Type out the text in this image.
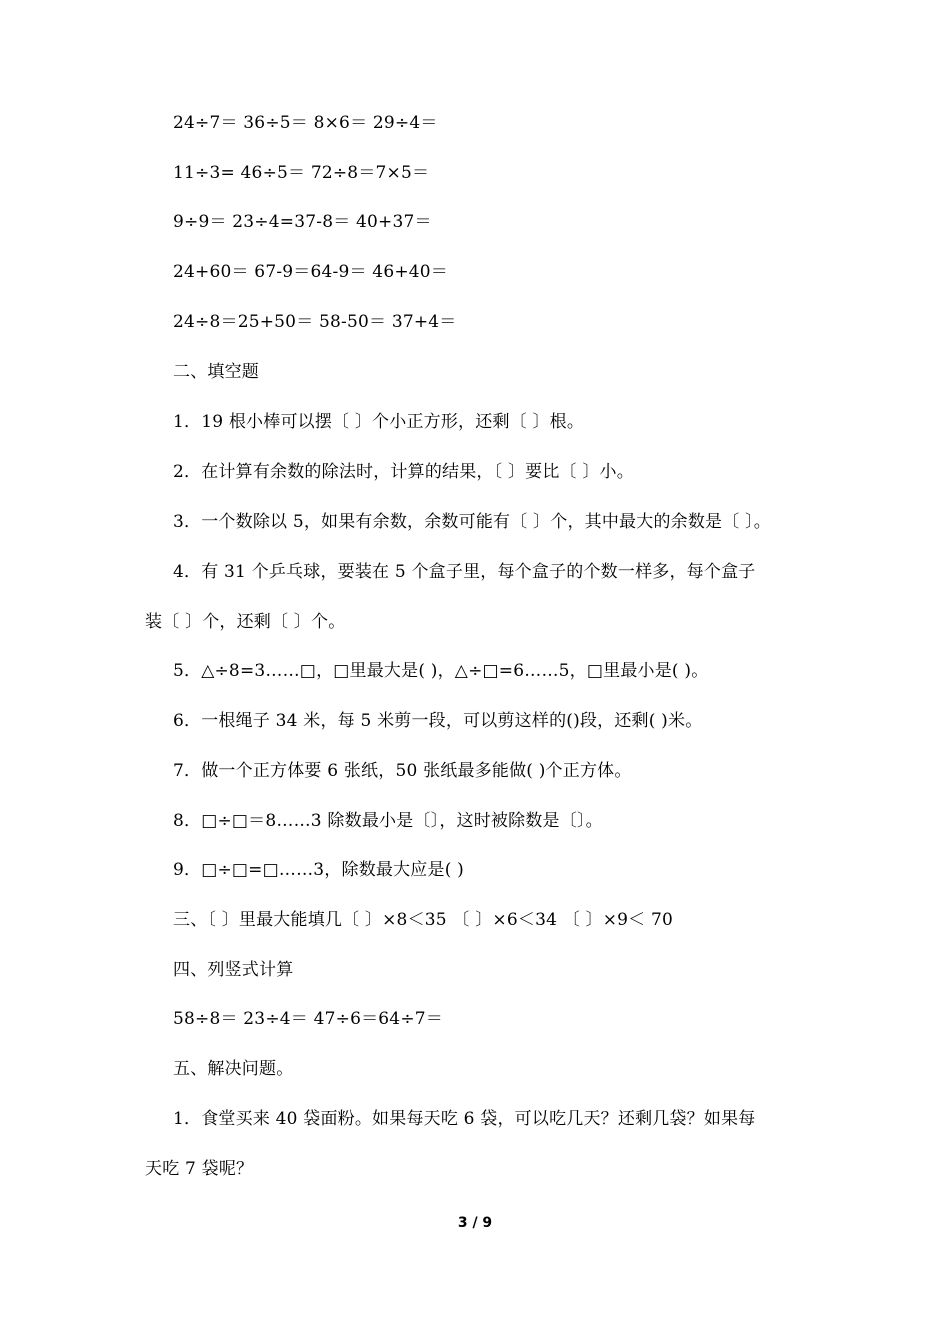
24÷7＝ 36÷5＝ 8×6＝ 29÷4＝
11÷3= 46÷5＝ 72÷8＝7×5＝
9÷9＝ 23÷4=37-8＝ 40+37＝
24+60＝ 67-9＝64-9＝ 46+40＝
24÷8＝25+50＝ 58-50＝ 37+4＝
二、填空题
1．19 根小棒可以摆〔 〕个小正方形，还剩〔 〕根。
2．在计算有余数的除法时，计算的结果，〔 〕要比〔 〕小。
3．一个数除以 5，如果有余数，余数可能有〔 〕个，其中最大的余数是〔 〕。
4．有 31 个乒乓球，要装在 5 个盒子里，每个盒子的个数一样多，每个盒子
装〔 〕个，还剩〔 〕个。
5．△÷8=3……□，□里最大是( )，△÷□=6……5，□里最小是( )。
6．一根绳子 34 米，每 5 米剪一段，可以剪这样的()段，还剩( )米。
7．做一个正方体要 6 张纸，50 张纸最多能做( )个正方体。
8．□÷□＝8……3 除数最小是〔〕，这时被除数是〔〕。
9．□÷□=□……3，除数最大应是( )
三、〔 〕里最大能填几〔 〕×8＜35 〔 〕×6＜34 〔 〕×9＜ 70
四、列竖式计算
58÷8＝ 23÷4＝ 47÷6＝64÷7＝
五、解决问题。
1．食堂买来 40 袋面粉。如果每天吃 6 袋，可以吃几天？还剩几袋？如果每
天吃 7 袋呢？
3 / 9
